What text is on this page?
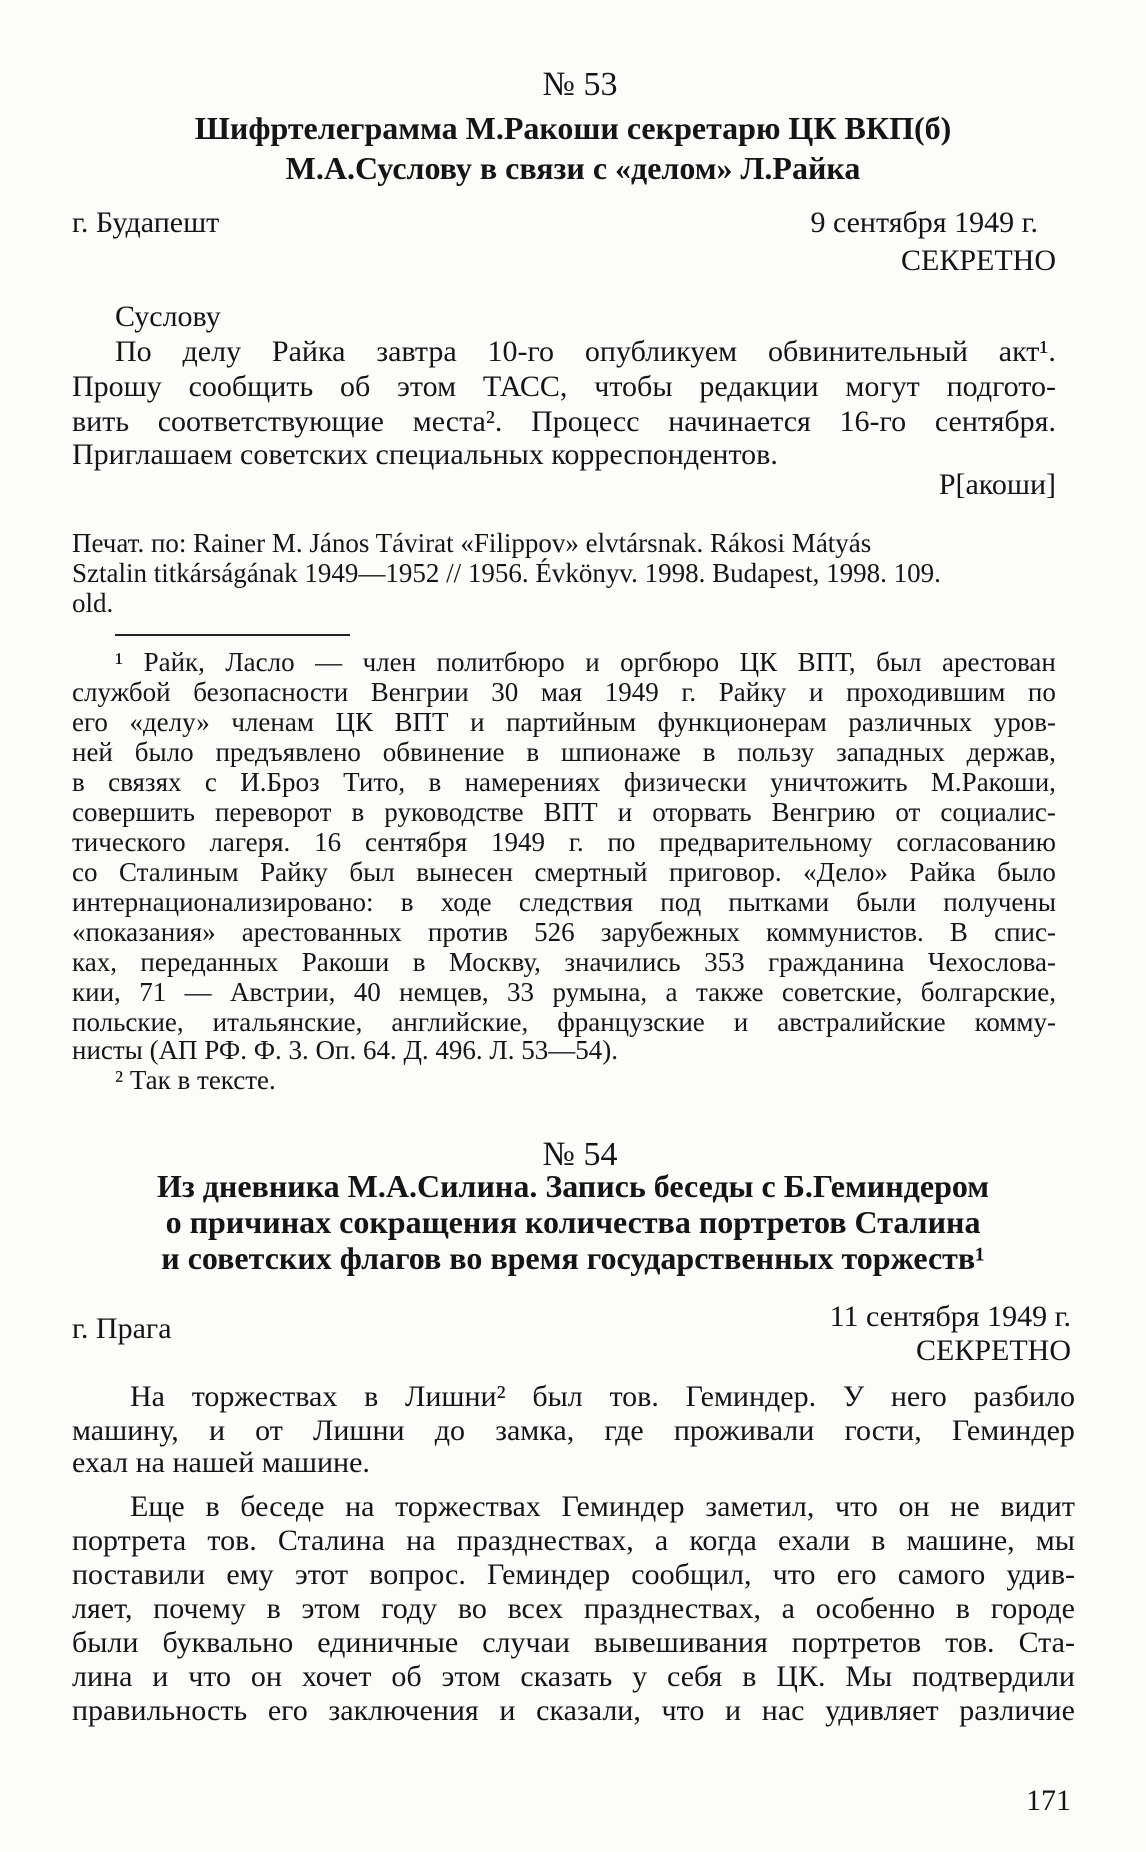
№ 53
Шифртелеграмма М.Ракоши секретарю ЦК ВКП(б)
М.А.Суслову в связи с «делом» Л.Райка
г. Будапешт	9 сентября 1949 г.
СЕКРЕТНО
Суслову
По делу Райка завтра 10-го опубликуем обвинительный акт¹.
Прошу сообщить об этом ТАСС, чтобы редакции могут подгото-
вить соответствующие места². Процесс начинается 16-го сентября.
Приглашаем советских специальных корреспондентов.
Р[акоши]
Печат. по: Rainer M. János Távirat «Filippov» elvtársnak. Rákosi Mátyás
Sztalin titkárságának 1949—1952 // 1956. Évkönyv. 1998. Budapest, 1998. 109.
old.
¹ Райк, Ласло — член политбюро и оргбюро ЦК ВПТ, был арестован
службой безопасности Венгрии 30 мая 1949 г. Райку и проходившим по
его «делу» членам ЦК ВПТ и партийным функционерам различных уров-
ней было предъявлено обвинение в шпионаже в пользу западных держав,
в связях с И.Броз Тито, в намерениях физически уничтожить М.Ракоши,
совершить переворот в руководстве ВПТ и оторвать Венгрию от социалис-
тического лагеря. 16 сентября 1949 г. по предварительному согласованию
со Сталиным Райку был вынесен смертный приговор. «Дело» Райка было
интернационализировано: в ходе следствия под пытками были получены
«показания» арестованных против 526 зарубежных коммунистов. В спис-
ках, переданных Ракоши в Москву, значились 353 гражданина Чехослова-
кии, 71 — Австрии, 40 немцев, 33 румына, а также советские, болгарские,
польские, итальянские, английские, французские и австралийские комму-
нисты (АП РФ. Ф. 3. Оп. 64. Д. 496. Л. 53—54).
² Так в тексте.
№ 54
Из дневника М.А.Силина. Запись беседы с Б.Геминдером
о причинах сокращения количества портретов Сталина
и советских флагов во время государственных торжеств¹
г. Прага	11 сентября 1949 г.
СЕКРЕТНО
На торжествах в Лишни² был тов. Геминдер. У него разбило
машину, и от Лишни до замка, где проживали гости, Геминдер
ехал на нашей машине.
Еще в беседе на торжествах Геминдер заметил, что он не видит
портрета тов. Сталина на празднествах, а когда ехали в машине, мы
поставили ему этот вопрос. Геминдер сообщил, что его самого удив-
ляет, почему в этом году во всех празднествах, а особенно в городе
были буквально единичные случаи вывешивания портретов тов. Ста-
лина и что он хочет об этом сказать у себя в ЦК. Мы подтвердили
правильность его заключения и сказали, что и нас удивляет различие
171
